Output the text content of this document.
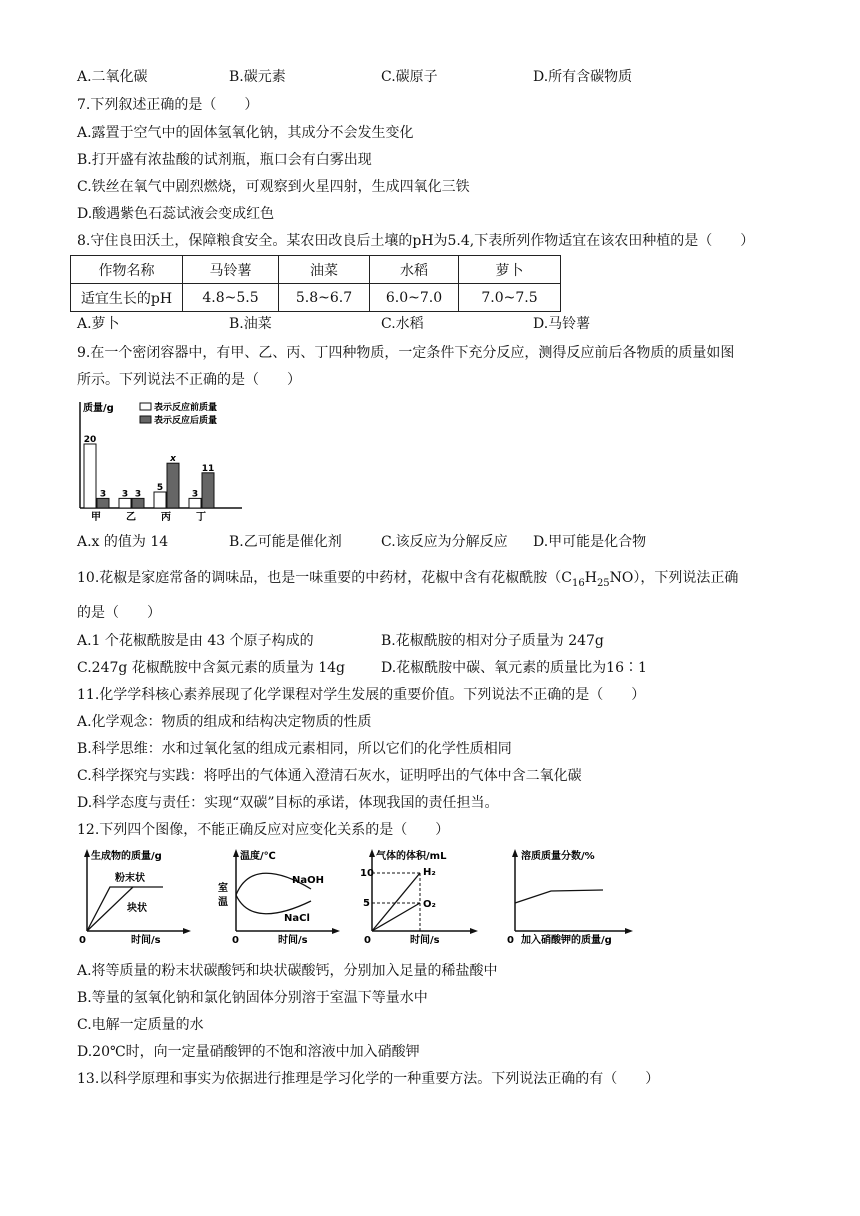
A.二氧化碳	B.碳元素	C.碳原子	D.所有含碳物质
7.下列叙述正确的是（　　）
A.露置于空气中的固体氢氧化钠，其成分不会发生变化
B.打开盛有浓盐酸的试剂瓶，瓶口会有白雾出现
C.铁丝在氧气中剧烈燃烧，可观察到火星四射，生成四氧化三铁
D.酸遇紫色石蕊试液会变成红色
8.守住良田沃土，保障粮食安全。某农田改良后土壤的pH为5.4,下表所列作物适宜在该农田种植的是（　　）
作物名称	马铃薯	油菜	水稻	萝卜
适宜生长的pH	4.8~5.5	5.8~6.7	6.0~7.0	7.0~7.5
A.萝卜	B.油菜	C.水稻	D.马铃薯
9.在一个密闭容器中，有甲、乙、丙、丁四种物质，一定条件下充分反应，测得反应前后各物质的质量如图
所示。下列说法不正确的是（　　）
质量/g	表示反应前质量
表示反应后质量
20
3
甲
3 3
乙
5
x
丙
3
11
丁
A.x 的值为 14	B.乙可能是催化剂	C.该反应为分解反应 D.甲可能是化合物
10.花椒是家庭常备的调味品，也是一味重要的中药材，花椒中含有花椒酰胺$(C_{16}H_{25}NO)$，下列说法正确
的是（　　）
A.1 个花椒酰胺是由 43 个原子构成的	B.花椒酰胺的相对分子质量为 247g
C.247g 花椒酰胺中含氮元素的质量为 14g	D.花椒酰胺中碳、氧元素的质量比为16∶1
11.化学学科核心素养展现了化学课程对学生发展的重要价值。下列说法不正确的是（　　）
A.化学观念：物质的组成和结构决定物质的性质
B.科学思维：水和过氧化氢的组成元素相同，所以它们的化学性质相同
C.科学探究与实践：将呼出的气体通入澄清石灰水，证明呼出的气体中含二氧化碳
D.科学态度与责任：实现“双碳”目标的承诺，体现我国的责任担当。
12.下列四个图像，不能正确反应对应变化关系的是（　　）
生成物的质量/g
0	时间/s
粉末状
块状
温度/℃
室
温
0	时间/s
NaOH
NaCl
气体的体积/mL
10
5
0	时间/s
H₂
O₂
溶质质量分数/%
0 加入硝酸钾的质量/g
A.将等质量的粉末状碳酸钙和块状碳酸钙，分别加入足量的稀盐酸中
B.等量的氢氧化钠和氯化钠固体分别溶于室温下等量水中
C.电解一定质量的水
D.20℃时，向一定量硝酸钾的不饱和溶液中加入硝酸钾
13.以科学原理和事实为依据进行推理是学习化学的一种重要方法。下列说法正确的有（　　）
